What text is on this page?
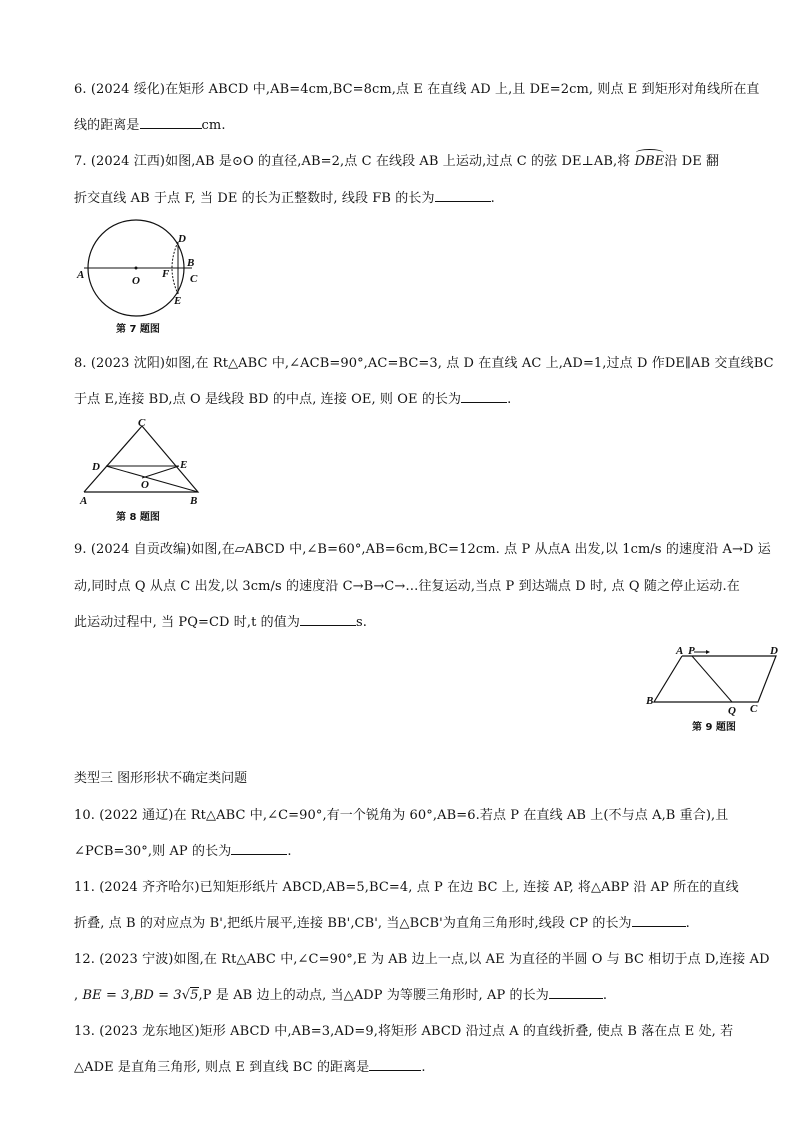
6. (2024 绥化)在矩形 ABCD 中,AB=4cm,BC=8cm,点 E 在直线 AD 上,且 DE=2cm, 则点 E 到矩形对角线所在直
线的距离是	cm.
7. (2024 江西)如图,AB 是⊙O 的直径,AB=2,点 C 在线段 AB 上运动,过点 C 的弦 DE⊥AB,将
DBE沿 DE 翻
折交直线 AB 于点 F, 当 DE 的长为正整数时, 线段 FB 的长为	.
A	O
F
B
C
D
E
第 7 题图
8. (2023 沈阳)如图,在 Rt△ABC 中,∠ACB=90°,AC=BC=3, 点 D 在直线 AC 上,AD=1,过点 D 作DE∥AB 交直线BC
于点 E,连接 BD,点 O 是线段 BD 的中点, 连接 OE, 则 OE 的长为	.
C
D	E
O
A	B
第 8 题图
9. (2024 自贡改编)如图,在▱ABCD 中,∠B=60°,AB=6cm,BC=12cm. 点 P 从点A 出发,以 1cm/s 的速度沿 A→D 运
动,同时点 Q 从点 C 出发,以 3cm/s 的速度沿 C→B→C→…往复运动,当点 P 到达端点 D 时, 点 Q 随之停止运动.在
此运动过程中, 当 PQ=CD 时,t 的值为	s.
A P	D
B
Q C
第 9 题图
类型三 图形形状不确定类问题
10. (2022 通辽)在 Rt△ABC 中,∠C=90°,有一个锐角为 60°,AB=6.若点 P 在直线 AB 上(不与点 A,B 重合),且
∠PCB=30°,则 AP 的长为	.
11. (2024 齐齐哈尔)已知矩形纸片 ABCD,AB=5,BC=4, 点 P 在边 BC 上, 连接 AP, 将△ABP 沿 AP 所在的直线
折叠, 点 B 的对应点为 B',把纸片展平,连接 BB',CB', 当△BCB'为直角三角形时,线段 CP 的长为	.
12. (2023 宁波)如图,在 Rt△ABC 中,∠C=90°,E 为 AB 边上一点,以 AE 为直径的半圆 O 与 BC 相切于点 D,连接 AD
, BE = 3,BD = 3√5,P 是 AB 边上的动点, 当△ADP 为等腰三角形时, AP 的长为	.
13. (2023 龙东地区)矩形 ABCD 中,AB=3,AD=9,将矩形 ABCD 沿过点 A 的直线折叠, 使点 B 落在点 E 处, 若
△ADE 是直角三角形, 则点 E 到直线 BC 的距离是	.
